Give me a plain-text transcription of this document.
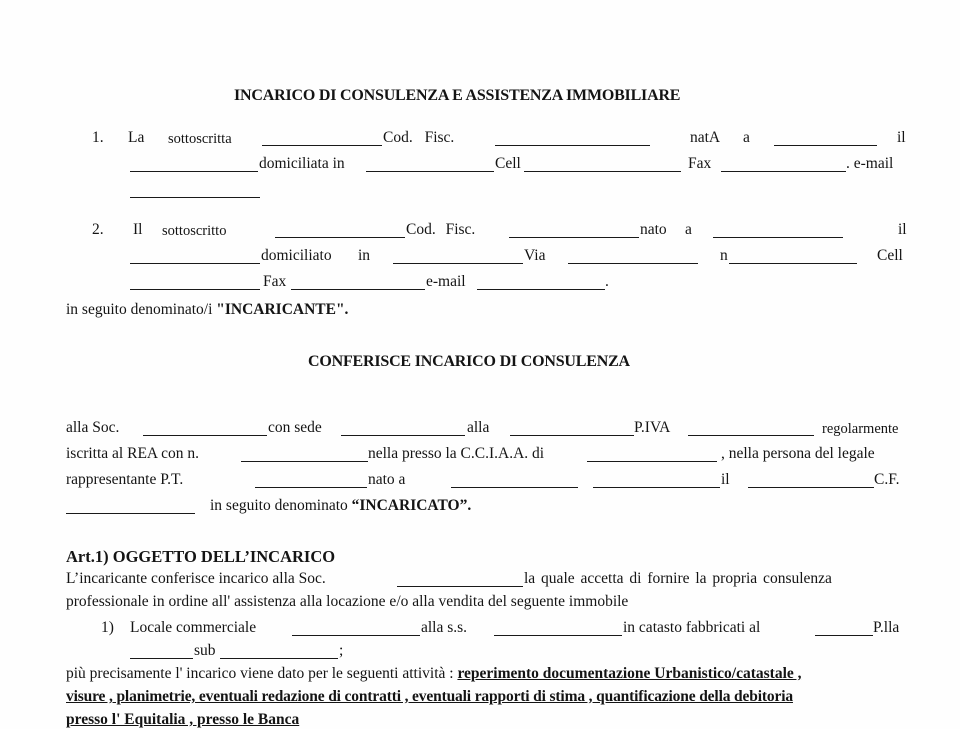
INCARICO DI CONSULENZA E ASSISTENZA IMMOBILIARE
1. La sottoscritta	Cod. Fisc.	natA a	il
domiciliata in	Cell	Fax	. e-mail
2. Il sottoscritto	Cod. Fisc.	nato a	il
domiciliato in	Via	n	Cell
Fax	e-mail	.
in seguito denominato/i "INCARICANTE".
CONFERISCE INCARICO DI CONSULENZA
alla Soc.	con sede	alla	P.IVA	regolarmente
iscritta al REA con n.	nella presso la C.C.I.A.A. di	, nella persona del legale
rappresentante P.T.	nato a	il	C.F.
in seguito denominato “INCARICATO”.
Art.1) OGGETTO DELL’INCARICO
L’incaricante conferisce incarico alla Soc.	la quale accetta di fornire la propria consulenza
professionale in ordine all' assistenza alla locazione e/o alla vendita del seguente immobile
1) Locale commerciale	alla s.s.	in catasto fabbricati al	P.lla
sub	;
più precisamente l' incarico viene dato per le seguenti attività : reperimento documentazione Urbanistico/catastale ,
visure , planimetrie, eventuali redazione di contratti , eventuali rapporti di stima , quantificazione della debitoria
presso l' Equitalia , presso le Banca
